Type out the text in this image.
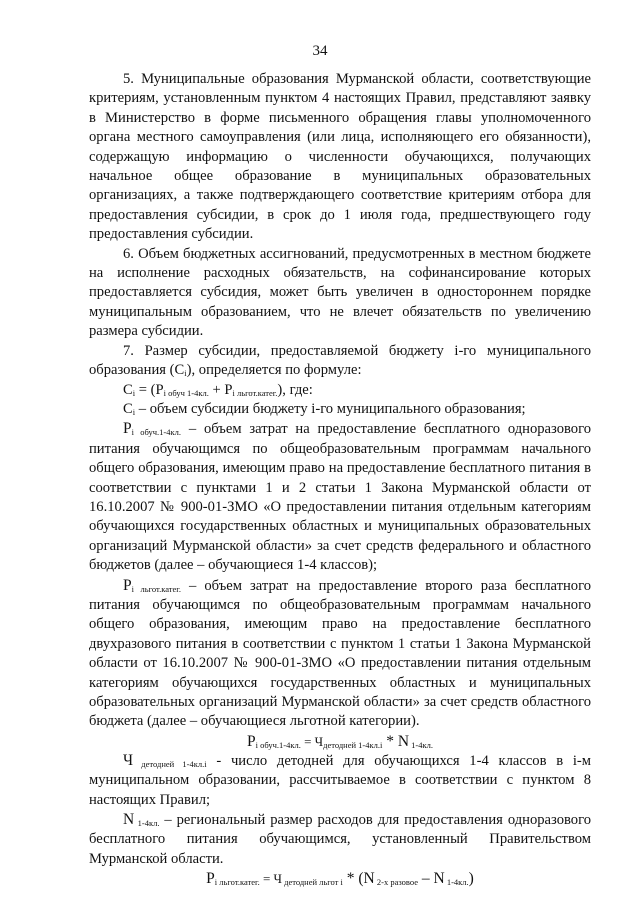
34

5. Муниципальные образования Мурманской области, соответствующие критериям, установленным пунктом 4 настоящих Правил, представляют заявку в Министерство в форме письменного обращения главы уполномоченного органа местного самоуправления (или лица, исполняющего его обязанности), содержащую информацию о численности обучающихся, получающих начальное общее образование в муниципальных образовательных организациях, а также подтверждающего соответствие критериям отбора для предоставления субсидии, в срок до 1 июля года, предшествующего году предоставления субсидии.

6. Объем бюджетных ассигнований, предусмотренных в местном бюджете на исполнение расходных обязательств, на софинансирование которых предоставляется субсидия, может быть увеличен в одностороннем порядке муниципальным образованием, что не влечет обязательств по увеличению размера субсидии.

7. Размер субсидии, предоставляемой бюджету i-го муниципального образования $(С_i)$, определяется по формуле:

$С_i = (P_{i обуч 1-4кл.} + P_{i льгот.катег.})$, где:

$С_i$ – объем субсидии бюджету i-го муниципального образования;

$P_{i обуч.1-4кл.}$ – объем затрат на предоставление бесплатного одноразового питания обучающимся по общеобразовательным программам начального общего образования, имеющим право на предоставление бесплатного питания в соответствии с пунктами 1 и 2 статьи 1 Закона Мурманской области от 16.10.2007 № 900-01-ЗМО «О предоставлении питания отдельным категориям обучающихся государственных областных и муниципальных образовательных организаций Мурманской области» за счет средств федерального и областного бюджетов (далее – обучающиеся 1-4 классов);

$P_{i льгот.катег.}$ – объем затрат на предоставление второго раза бесплатного питания обучающимся по общеобразовательным программам начального общего образования, имеющим право на предоставление бесплатного двухразового питания в соответствии с пунктом 1 статьи 1 Закона Мурманской области от 16.10.2007 № 900-01-ЗМО «О предоставлении питания отдельным категориям обучающихся государственных областных и муниципальных образовательных организаций Мурманской области» за счет средств областного бюджета (далее – обучающиеся льготной категории).

$P_{i обуч.1-4кл.} = Ч_{детодней 1-4кл.i} * N$ $_{1-4кл.}$

Ч $_{детодней 1-4кл.i}$ - число детодней для обучающихся 1-4 классов в i-м муниципальном образовании, рассчитываемое в соответствии с пунктом 8 настоящих Правил;

N $_{1-4кл.}$ – региональный размер расходов для предоставления одноразового бесплатного питания обучающимся, установленный Правительством Мурманской области.

$P_{i льгот.катег.} = Ч$ $_{детодней льгот i}$ * (N $_{2-х разовое}$ – N $_{1-4кл.}$)
